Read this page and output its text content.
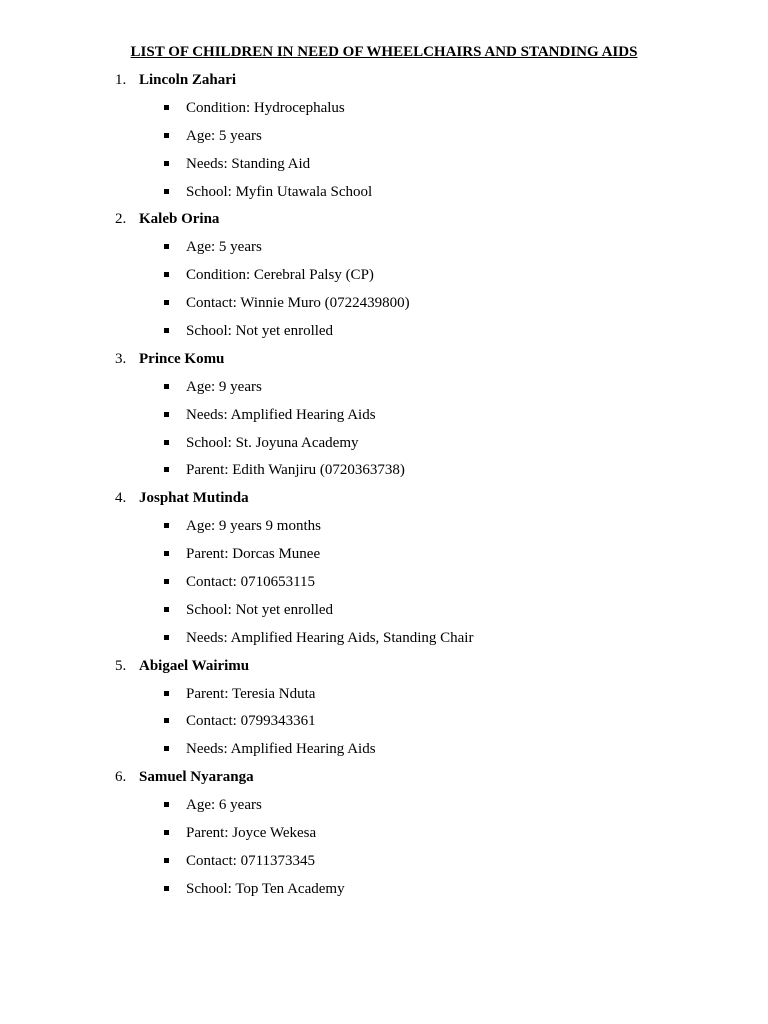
LIST OF CHILDREN IN NEED OF WHEELCHAIRS AND STANDING AIDS
1. Lincoln Zahari
Condition: Hydrocephalus
Age: 5 years
Needs: Standing Aid
School: Myfin Utawala School
2. Kaleb Orina
Age: 5 years
Condition: Cerebral Palsy (CP)
Contact: Winnie Muro (0722439800)
School: Not yet enrolled
3. Prince Komu
Age: 9 years
Needs: Amplified Hearing Aids
School: St. Joyuna Academy
Parent: Edith Wanjiru (0720363738)
4. Josphat Mutinda
Age: 9 years 9 months
Parent: Dorcas Munee
Contact: 0710653115
School: Not yet enrolled
Needs: Amplified Hearing Aids, Standing Chair
5. Abigael Wairimu
Parent: Teresia Nduta
Contact: 0799343361
Needs: Amplified Hearing Aids
6. Samuel Nyaranga
Age: 6 years
Parent: Joyce Wekesa
Contact: 0711373345
School: Top Ten Academy
